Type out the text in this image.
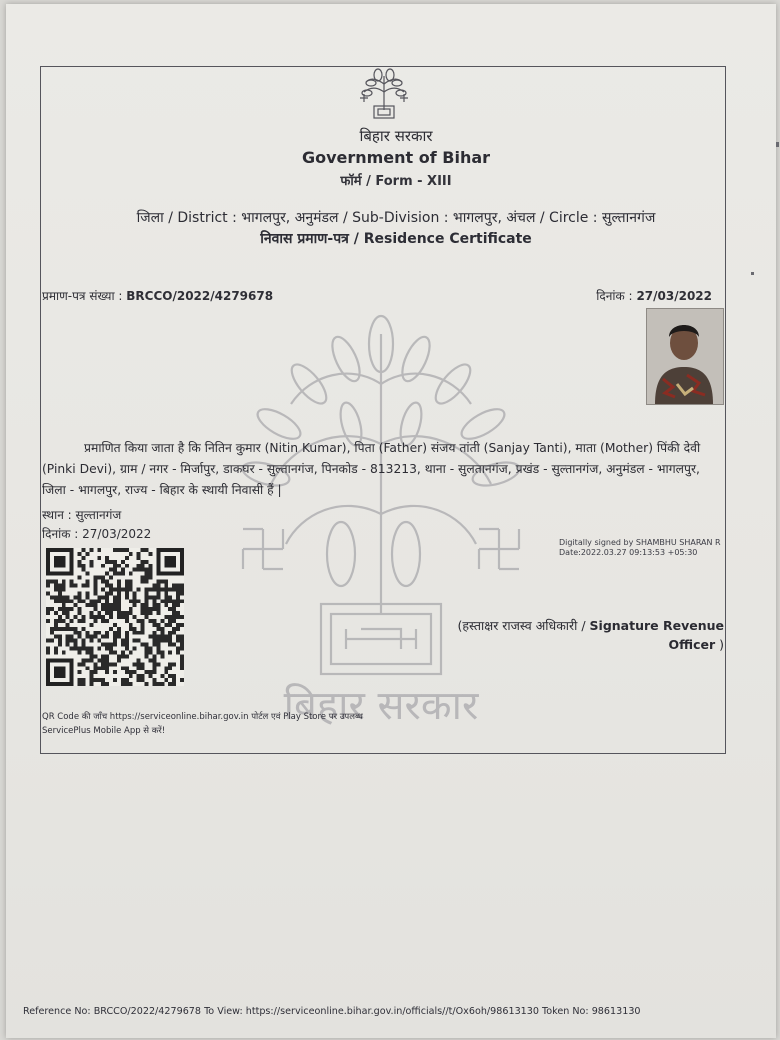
बिहार सरकार
Government of Bihar
फॉर्म / Form - XIII
जिला / District : भागलपुर, अनुमंडल / Sub-Division : भागलपुर, अंचल / Circle : सुल्तानगंज
निवास प्रमाण-पत्र / Residence Certificate
प्रमाण-पत्र संख्या : BRCCO/2022/4279678	दिनांक : 27/03/2022
बिहार सरकार
प्रमाणित किया जाता है कि नितिन कुमार (Nitin Kumar), पिता (Father) संजय तांती (Sanjay Tanti), माता (Mother) पिंकी देवी (Pinki Devi), ग्राम / नगर - मिर्जापुर, डाकघर - सुल्तानगंज, पिनकोड - 813213, थाना - सुलतानगंज, प्रखंड - सुल्तानगंज, अनुमंडल - भागलपुर, जिला - भागलपुर, राज्य - बिहार के स्थायी निवासी हैं |
स्थान : सुल्तानगंज
दिनांक : 27/03/2022
Digitally signed by SHAMBHU SHARAN R
Date:2022.03.27 09:13:53 +05:30
(हस्ताक्षर राजस्व अधिकारी / Signature Revenue
Officer )
QR Code की जाँच https://serviceonline.bihar.gov.in पोर्टल एवं Play Store पर उपलब्ध
ServicePlus Mobile App से करें!
Reference No: BRCCO/2022/4279678 To View: https://serviceonline.bihar.gov.in/officials//t/Ox6oh/98613130 Token No: 98613130
